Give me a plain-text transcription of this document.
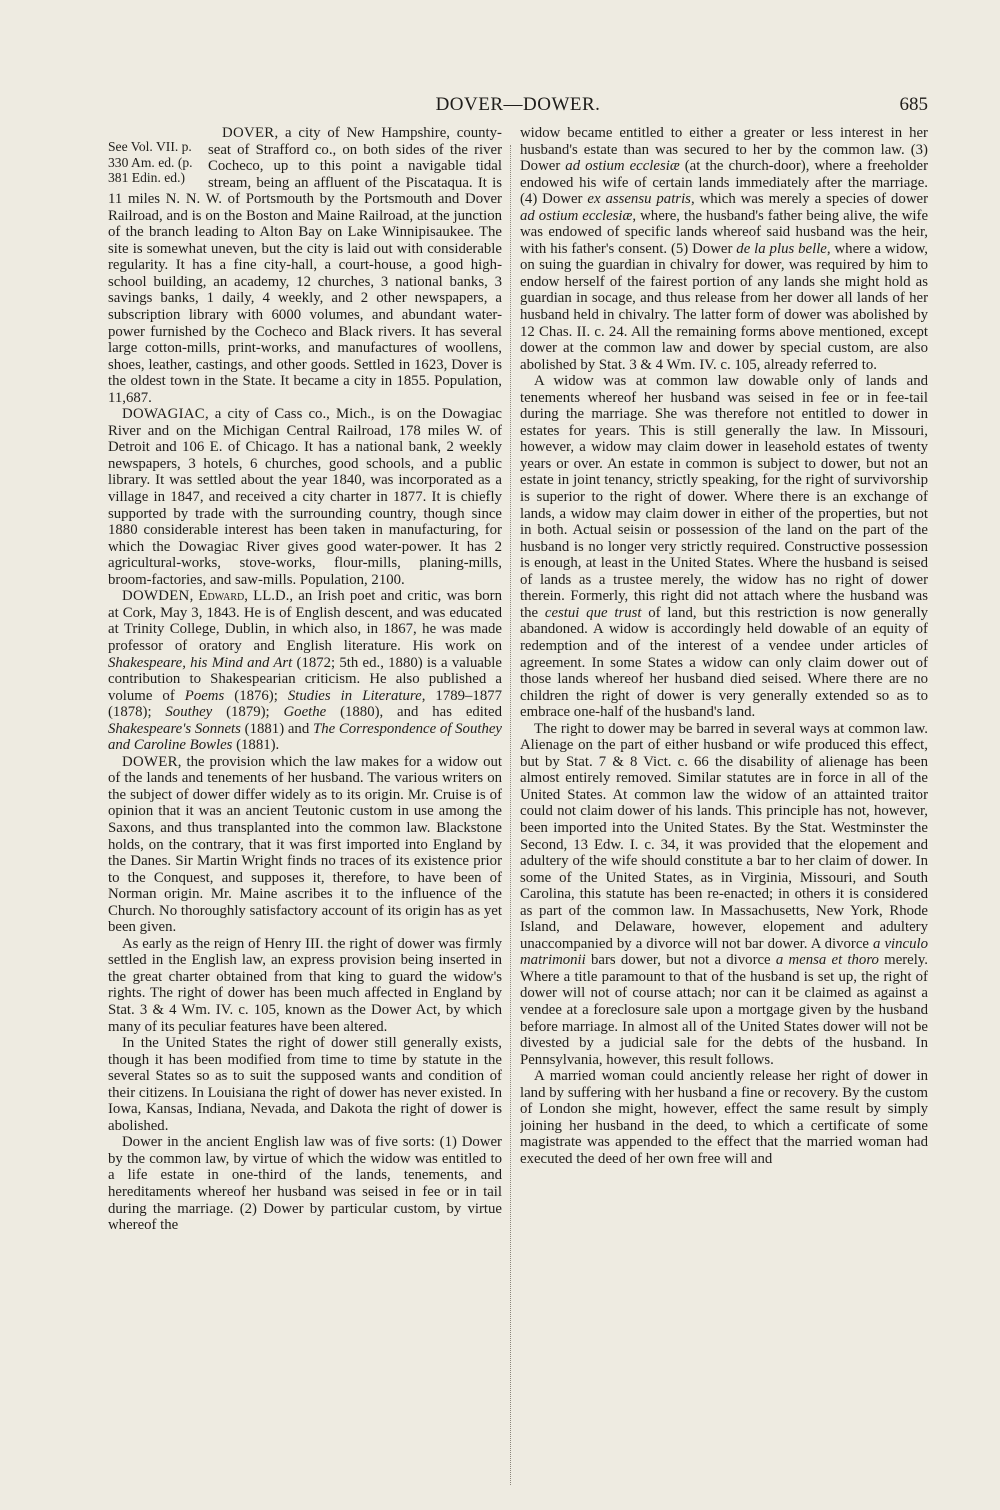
DOVER—DOWER.	685

See Vol. VII. p. 330 Am. ed. (p. 381 Edin. ed.)
DOVER, a city of New Hampshire, county-seat of Strafford co., on both sides of the river Cocheco, up to this point a navigable tidal stream, being an affluent of the Piscataqua. It is 11 miles N. N. W. of Portsmouth by the Portsmouth and Dover Railroad, and is on the Boston and Maine Railroad, at the junction of the branch leading to Alton Bay on Lake Winnipisaukee. The site is somewhat uneven, but the city is laid out with considerable regularity. It has a fine city-hall, a court-house, a good high-school building, an academy, 12 churches, 3 national banks, 3 savings banks, 1 daily, 4 weekly, and 2 other newspapers, a subscription library with 6000 volumes, and abundant water-power furnished by the Cocheco and Black rivers. It has several large cotton-mills, print-works, and manufactures of woollens, shoes, leather, castings, and other goods. Settled in 1623, Dover is the oldest town in the State. It became a city in 1855. Population, 11,687.

DOWAGIAC, a city of Cass co., Mich., is on the Dowagiac River and on the Michigan Central Railroad, 178 miles W. of Detroit and 106 E. of Chicago. It has a national bank, 2 weekly newspapers, 3 hotels, 6 churches, good schools, and a public library. It was settled about the year 1840, was incorporated as a village in 1847, and received a city charter in 1877. It is chiefly supported by trade with the surrounding country, though since 1880 considerable interest has been taken in manufacturing, for which the Dowagiac River gives good water-power. It has 2 agricultural-works, stove-works, flour-mills, planing-mills, broom-factories, and saw-mills. Population, 2100.

DOWDEN, Edward, LL.D., an Irish poet and critic, was born at Cork, May 3, 1843. He is of English descent, and was educated at Trinity College, Dublin, in which also, in 1867, he was made professor of oratory and English literature. His work on Shakespeare, his Mind and Art (1872; 5th ed., 1880) is a valuable contribution to Shakespearian criticism. He also published a volume of Poems (1876); Studies in Literature, 1789–1877 (1878); Southey (1879); Goethe (1880), and has edited Shakespeare's Sonnets (1881) and The Correspondence of Southey and Caroline Bowles (1881).

DOWER, the provision which the law makes for a widow out of the lands and tenements of her husband. The various writers on the subject of dower differ widely as to its origin. Mr. Cruise is of opinion that it was an ancient Teutonic custom in use among the Saxons, and thus transplanted into the common law. Blackstone holds, on the contrary, that it was first imported into England by the Danes. Sir Martin Wright finds no traces of its existence prior to the Conquest, and supposes it, therefore, to have been of Norman origin. Mr. Maine ascribes it to the influence of the Church. No thoroughly satisfactory account of its origin has as yet been given.

As early as the reign of Henry III. the right of dower was firmly settled in the English law, an express provision being inserted in the great charter obtained from that king to guard the widow's rights. The right of dower has been much affected in England by Stat. 3 & 4 Wm. IV. c. 105, known as the Dower Act, by which many of its peculiar features have been altered.

In the United States the right of dower still generally exists, though it has been modified from time to time by statute in the several States so as to suit the supposed wants and condition of their citizens. In Louisiana the right of dower has never existed. In Iowa, Kansas, Indiana, Nevada, and Dakota the right of dower is abolished.

Dower in the ancient English law was of five sorts: (1) Dower by the common law, by virtue of which the widow was entitled to a life estate in one-third of the lands, tenements, and hereditaments whereof her husband was seised in fee or in tail during the marriage. (2) Dower by particular custom, by virtue whereof the

widow became entitled to either a greater or less interest in her husband's estate than was secured to her by the common law. (3) Dower ad ostium ecclesiæ (at the church-door), where a freeholder endowed his wife of certain lands immediately after the marriage. (4) Dower ex assensu patris, which was merely a species of dower ad ostium ecclesiæ, where, the husband's father being alive, the wife was endowed of specific lands whereof said husband was the heir, with his father's consent. (5) Dower de la plus belle, where a widow, on suing the guardian in chivalry for dower, was required by him to endow herself of the fairest portion of any lands she might hold as guardian in socage, and thus release from her dower all lands of her husband held in chivalry. The latter form of dower was abolished by 12 Chas. II. c. 24. All the remaining forms above mentioned, except dower at the common law and dower by special custom, are also abolished by Stat. 3 & 4 Wm. IV. c. 105, already referred to.

A widow was at common law dowable only of lands and tenements whereof her husband was seised in fee or in fee-tail during the marriage. She was therefore not entitled to dower in estates for years. This is still generally the law. In Missouri, however, a widow may claim dower in leasehold estates of twenty years or over. An estate in common is subject to dower, but not an estate in joint tenancy, strictly speaking, for the right of survivorship is superior to the right of dower. Where there is an exchange of lands, a widow may claim dower in either of the properties, but not in both. Actual seisin or possession of the land on the part of the husband is no longer very strictly required. Constructive possession is enough, at least in the United States. Where the husband is seised of lands as a trustee merely, the widow has no right of dower therein. Formerly, this right did not attach where the husband was the cestui que trust of land, but this restriction is now generally abandoned. A widow is accordingly held dowable of an equity of redemption and of the interest of a vendee under articles of agreement. In some States a widow can only claim dower out of those lands whereof her husband died seised. Where there are no children the right of dower is very generally extended so as to embrace one-half of the husband's land.

The right to dower may be barred in several ways at common law. Alienage on the part of either husband or wife produced this effect, but by Stat. 7 & 8 Vict. c. 66 the disability of alienage has been almost entirely removed. Similar statutes are in force in all of the United States. At common law the widow of an attainted traitor could not claim dower of his lands. This principle has not, however, been imported into the United States. By the Stat. Westminster the Second, 13 Edw. I. c. 34, it was provided that the elopement and adultery of the wife should constitute a bar to her claim of dower. In some of the United States, as in Virginia, Missouri, and South Carolina, this statute has been re-enacted; in others it is considered as part of the common law. In Massachusetts, New York, Rhode Island, and Delaware, however, elopement and adultery unaccompanied by a divorce will not bar dower. A divorce a vinculo matrimonii bars dower, but not a divorce a mensa et thoro merely. Where a title paramount to that of the husband is set up, the right of dower will not of course attach; nor can it be claimed as against a vendee at a foreclosure sale upon a mortgage given by the husband before marriage. In almost all of the United States dower will not be divested by a judicial sale for the debts of the husband. In Pennsylvania, however, this result follows.

A married woman could anciently release her right of dower in land by suffering with her husband a fine or recovery. By the custom of London she might, however, effect the same result by simply joining her husband in the deed, to which a certificate of some magistrate was appended to the effect that the married woman had executed the deed of her own free will and
